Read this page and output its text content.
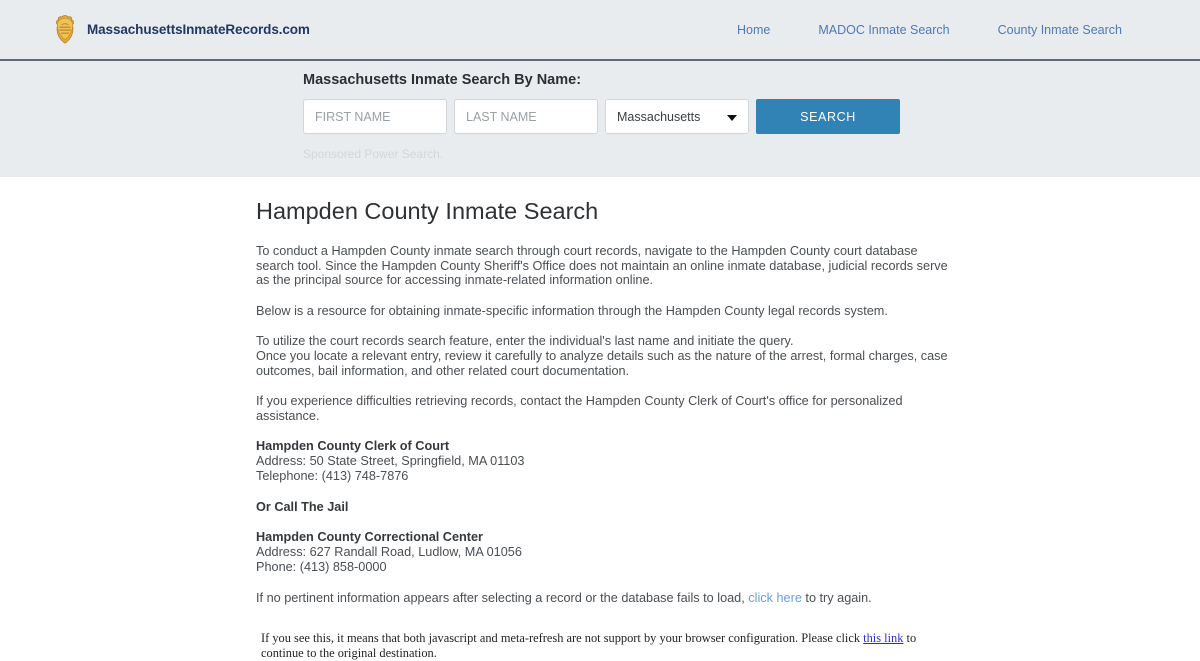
MassachusettsInmateRecords.com	Home	MADOC Inmate Search	County Inmate Search
Massachusetts Inmate Search By Name:
FIRST NAME
LAST NAME
Massachusetts
SEARCH
Sponsored Power Search.
Hampden County Inmate Search

To conduct a Hampden County inmate search through court records, navigate to the Hampden County court database search tool. Since the Hampden County Sheriff's Office does not maintain an online inmate database, judicial records serve as the principal source for accessing inmate-related information online.

Below is a resource for obtaining inmate-specific information through the Hampden County legal records system.

To utilize the court records search feature, enter the individual's last name and initiate the query.
Once you locate a relevant entry, review it carefully to analyze details such as the nature of the arrest, formal charges, case outcomes, bail information, and other related court documentation.

If you experience difficulties retrieving records, contact the Hampden County Clerk of Court's office for personalized assistance.

Hampden County Clerk of Court
Address: 50 State Street, Springfield, MA 01103
Telephone: (413) 748-7876
Or Call The Jail
Hampden County Correctional Center
Address: 627 Randall Road, Ludlow, MA 01056
Phone: (413) 858-0000

If no pertinent information appears after selecting a record or the database fails to load, click here to try again.

If you see this, it means that both javascript and meta-refresh are not support by your browser configuration. Please click this link to continue to the original destination.
